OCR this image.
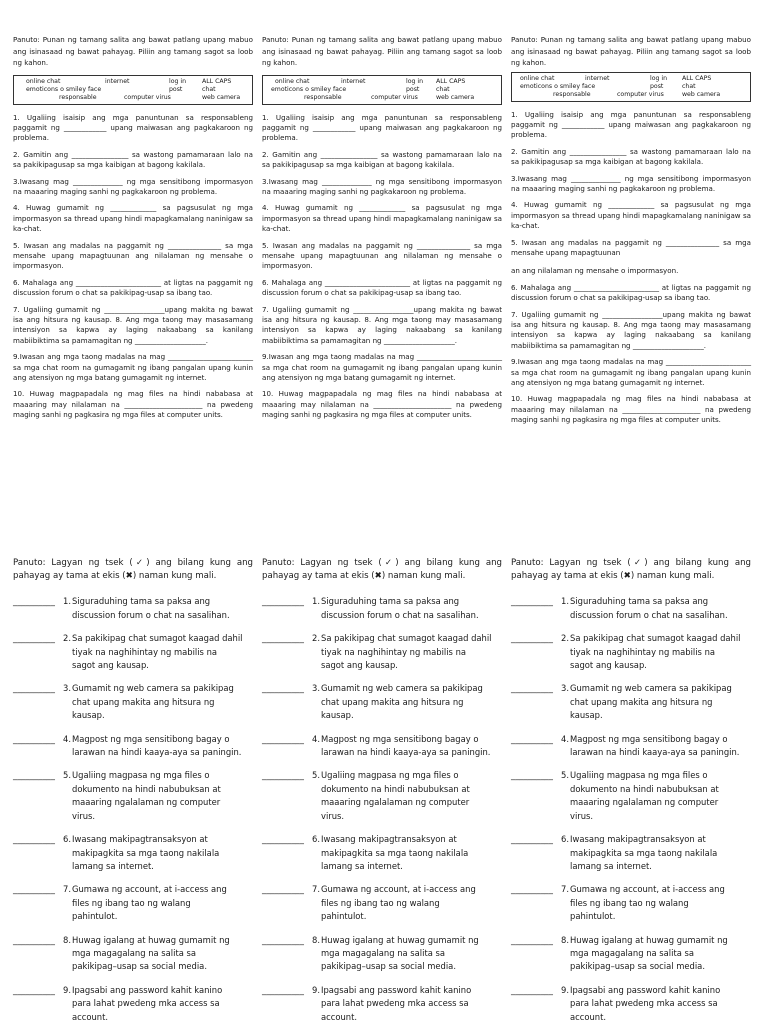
Panuto: Punan ng tamang salita ang bawat patlang upang mabuo ang isinasaad ng bawat pahayag. Piliin ang tamang sagot sa loob ng kahon.

online chat	internet	log in	ALL CAPS
emoticons o smiley face	post	chat
responsable	computer virus	web camera

1. Ugaliing isaisip ang mga panuntunan sa responsableng paggamit ng ____________ upang maiwasan ang pagkakaroon ng problema.

2. Gamitin ang ________________ sa wastong pamamaraan lalo na sa pakikipagusap sa mga kaibigan at bagong kakilala.

3.Iwasang mag ______________ ng mga sensitibong impormasyon na maaaring maging sanhi ng pagkakaroon ng problema.

4. Huwag gumamit ng _____________ sa pagsusulat ng mga impormasyon sa thread upang hindi mapagkamalang naninigaw sa ka-chat.

5. Iwasan ang madalas na paggamit ng _______________ sa mga mensahe upang mapagtuunan ang nilalaman ng mensahe o impormasyon.

6. Mahalaga ang ________________________ at ligtas na paggamit ng discussion forum o chat sa pakikipag-usap sa ibang tao.

7. Ugaliing gumamit ng _________________upang makita ng bawat isa ang hitsura ng kausap. 8. Ang mga taong may masasamang intensiyon sa kapwa ay laging nakaabang sa kanilang mabiibiktima sa pamamagitan ng ____________________.

9.Iwasan ang mga taong madalas na mag ________________________ sa mga chat room na gumagamit ng ibang pangalan upang kunin ang atensiyon ng mga batang gumagamit ng internet.

10. Huwag magpapadala ng mag files na hindi nababasa at maaaring may nilalaman na ______________________ na pwedeng maging sanhi ng pagkasira ng mga files at computer units.

Panuto: Lagyan ng tsek (✓) ang bilang kung ang pahayag ay tama at ekis (✖) naman kung mali.

__________ 1.Siguraduhing tama sa paksa ang
discussion forum o chat na sasalihan.
__________ 2.Sa pakikipag chat sumagot kaagad dahil
tiyak na naghihintay ng mabilis na
sagot ang kausap.
__________ 3.Gumamit ng web camera sa pakikipag
chat upang makita ang hitsura ng
kausap.
__________ 4.Magpost ng mga sensitibong bagay o
larawan na hindi kaaya-aya sa paningin.
__________ 5.Ugaliing magpasa ng mga files o
dokumento na hindi nabubuksan at
maaaring ngalalaman ng computer
virus.
__________ 6.Iwasang makipagtransaksyon at
makipagkita sa mga taong nakilala
lamang sa internet.
__________ 7.Gumawa ng account, at i-access ang
files ng ibang tao ng walang
pahintulot.
__________ 8.Huwag igalang at huwag gumamit ng
mga magagalang na salita sa
pakikipag–usap sa social media.
__________ 9.Ipagsabi ang password kahit kanino
para lahat pwedeng mka access sa
account.

Panuto: Punan ng tamang salita ang bawat patlang upang mabuo ang isinasaad ng bawat pahayag. Piliin ang tamang sagot sa loob ng kahon.

online chat	internet	log in ALL CAPS
emoticons o smiley face	post	chat
responsable	computer virus	web camera

1. Ugaliing isaisip ang mga panuntunan sa responsableng paggamit ng ____________ upang maiwasan ang pagkakaroon ng problema.

2. Gamitin ang ________________ sa wastong pamamaraan lalo na sa pakikipagusap sa mga kaibigan at bagong kakilala.

3.Iwasang mag ______________ ng mga sensitibong impormasyon na maaaring maging sanhi ng pagkakaroon ng problema.

4. Huwag gumamit ng _____________ sa pagsusulat ng mga impormasyon sa thread upang hindi mapagkamalang naninigaw sa ka-chat.

5. Iwasan ang madalas na paggamit ng _______________ sa mga mensahe upang mapagtuunan ang nilalaman ng mensahe o impormasyon.

6. Mahalaga ang ________________________ at ligtas na paggamit ng discussion forum o chat sa pakikipag-usap sa ibang tao.

7. Ugaliing gumamit ng _________________upang makita ng bawat isa ang hitsura ng kausap. 8. Ang mga taong may masasamang intensiyon sa kapwa ay laging nakaabang sa kanilang mabiibiktima sa pamamagitan ng ____________________.

9.Iwasan ang mga taong madalas na mag ________________________ sa mga chat room na gumagamit ng ibang pangalan upang kunin ang atensiyon ng mga batang gumagamit ng internet.

10. Huwag magpapadala ng mag files na hindi nababasa at maaaring may nilalaman na ______________________ na pwedeng maging sanhi ng pagkasira ng mga files at computer units.

Panuto: Lagyan ng tsek (✓) ang bilang kung ang pahayag ay tama at ekis (✖) naman kung mali.

__________ 1.Siguraduhing tama sa paksa ang
discussion forum o chat na sasalihan.
__________ 2.Sa pakikipag chat sumagot kaagad dahil
tiyak na naghihintay ng mabilis na
sagot ang kausap.
__________ 3.Gumamit ng web camera sa pakikipag
chat upang makita ang hitsura ng
kausap.
__________ 4.Magpost ng mga sensitibong bagay o
larawan na hindi kaaya-aya sa paningin.
__________ 5.Ugaliing magpasa ng mga files o
dokumento na hindi nabubuksan at
maaaring ngalalaman ng computer
virus.
__________ 6.Iwasang makipagtransaksyon at
makipagkita sa mga taong nakilala
lamang sa internet.
__________ 7.Gumawa ng account, at i-access ang
files ng ibang tao ng walang
pahintulot.
__________ 8.Huwag igalang at huwag gumamit ng
mga magagalang na salita sa
pakikipag–usap sa social media.
__________ 9.Ipagsabi ang password kahit kanino
para lahat pwedeng mka access sa
account.

Panuto: Punan ng tamang salita ang bawat patlang upang mabuo ang isinasaad ng bawat pahayag. Piliin ang tamang sagot sa loob ng kahon.

online chat	internet	log in ALL CAPS
emoticons o smiley face	post	chat
responsable	computer virus	web camera

1. Ugaliing isaisip ang mga panuntunan sa responsableng paggamit ng ____________ upang maiwasan ang pagkakaroon ng problema.

2. Gamitin ang ________________ sa wastong pamamaraan lalo na sa pakikipagusap sa mga kaibigan at bagong kakilala.

3.Iwasang mag ______________ ng mga sensitibong impormasyon na maaaring maging sanhi ng pagkakaroon ng problema.

4. Huwag gumamit ng _____________ sa pagsusulat ng mga impormasyon sa thread upang hindi mapagkamalang naninigaw sa ka-chat.

5. Iwasan ang madalas na paggamit ng _______________ sa mga mensahe upang mapagtuunan

an ang nilalaman ng mensahe o impormasyon.

6. Mahalaga ang ________________________ at ligtas na paggamit ng discussion forum o chat sa pakikipag-usap sa ibang tao.

7. Ugaliing gumamit ng _________________upang makita ng bawat isa ang hitsura ng kausap. 8. Ang mga taong may masasamang intensiyon sa kapwa ay laging nakaabang sa kanilang mabiibiktima sa pamamagitan ng ____________________.

9.Iwasan ang mga taong madalas na mag ________________________ sa mga chat room na gumagamit ng ibang pangalan upang kunin ang atensiyon ng mga batang gumagamit ng internet.

10. Huwag magpapadala ng mag files na hindi nababasa at maaaring may nilalaman na ______________________ na pwedeng maging sanhi ng pagkasira ng mga files at computer units.

Panuto: Lagyan ng tsek (✓) ang bilang kung ang pahayag ay tama at ekis (✖) naman kung mali.

__________ 1.Siguraduhing tama sa paksa ang
discussion forum o chat na sasalihan.
__________ 2.Sa pakikipag chat sumagot kaagad dahil
tiyak na naghihintay ng mabilis na
sagot ang kausap.
__________ 3.Gumamit ng web camera sa pakikipag
chat upang makita ang hitsura ng
kausap.
__________ 4.Magpost ng mga sensitibong bagay o
larawan na hindi kaaya-aya sa paningin.
__________ 5.Ugaliing magpasa ng mga files o
dokumento na hindi nabubuksan at
maaaring ngalalaman ng computer
virus.
__________ 6.Iwasang makipagtransaksyon at
makipagkita sa mga taong nakilala
lamang sa internet.
__________ 7.Gumawa ng account, at i-access ang
files ng ibang tao ng walang
pahintulot.
__________ 8.Huwag igalang at huwag gumamit ng
mga magagalang na salita sa
pakikipag–usap sa social media.
__________ 9.Ipagsabi ang password kahit kanino
para lahat pwedeng mka access sa
account.
